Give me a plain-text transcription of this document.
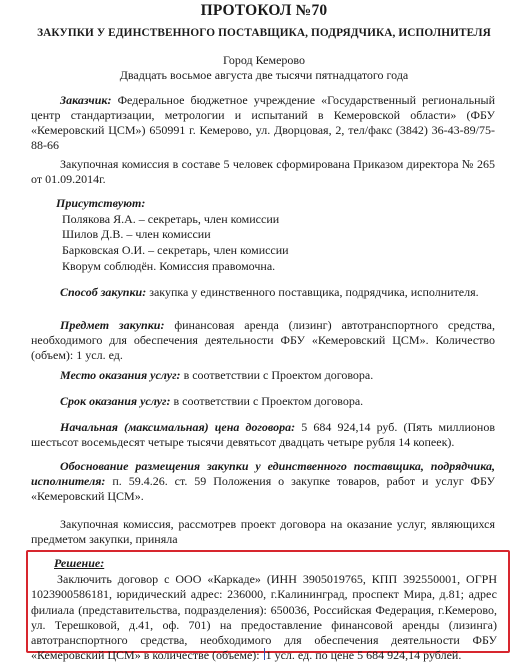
ПРОТОКОЛ №70
ЗАКУПКИ У ЕДИНСТВЕННОГО ПОСТАВЩИКА, ПОДРЯДЧИКА, ИСПОЛНИТЕЛЯ
Город Кемерово
Двадцать восьмое августа две тысячи пятнадцатого года
Заказчик: Федеральное бюджетное учреждение «Государственный региональный центр стандартизации, метрологии и испытаний в Кемеровской области» (ФБУ «Кемеровский ЦСМ») 650991 г. Кемерово, ул. Дворцовая, 2, тел/факс (3842) 36-43-89/75-88-66
Закупочная комиссия в составе 5 человек сформирована Приказом директора № 265 от 01.09.2014г.
Присутствуют:
Полякова Я.А. – секретарь, член комиссии
Шилов Д.В. – член комиссии
Барковская О.И. – секретарь, член комиссии
Кворум соблюдён. Комиссия правомочна.
Способ закупки: закупка у единственного поставщика, подрядчика, исполнителя.
Предмет закупки: финансовая аренда (лизинг) автотранспортного средства, необходимого для обеспечения деятельности ФБУ «Кемеровский ЦСМ». Количество (объем): 1 усл. ед.
Место оказания услуг: в соответствии с Проектом договора.
Срок оказания услуг: в соответствии с Проектом договора.
Начальная (максимальная) цена договора: 5 684 924,14 руб. (Пять миллионов шестьсот восемьдесят четыре тысячи девятьсот двадцать четыре рубля 14 копеек).
Обоснование размещения закупки у единственного поставщика, подрядчика, исполнителя: п. 59.4.26. ст. 59 Положения о закупке товаров, работ и услуг ФБУ «Кемеровский ЦСМ».
Закупочная комиссия, рассмотрев проект договора на оказание услуг, являющихся предметом закупки, приняла
Решение:
Заключить договор с ООО «Каркаде» (ИНН 3905019765, КПП 392550001, ОГРН 1023900586181, юридический адрес: 236000, г.Калининград, проспект Мира, д.81; адрес филиала (представительства, подразделения): 650036, Российская Федерация, г.Кемерово, ул. Терешковой, д.41, оф. 701) на предоставление финансовой аренды (лизинга) автотранспортного средства, необходимого для обеспечения деятельности ФБУ «Кемеровский ЦСМ» в количестве (объеме): 1 усл. ед. по цене 5 684 924,14 рублей.
